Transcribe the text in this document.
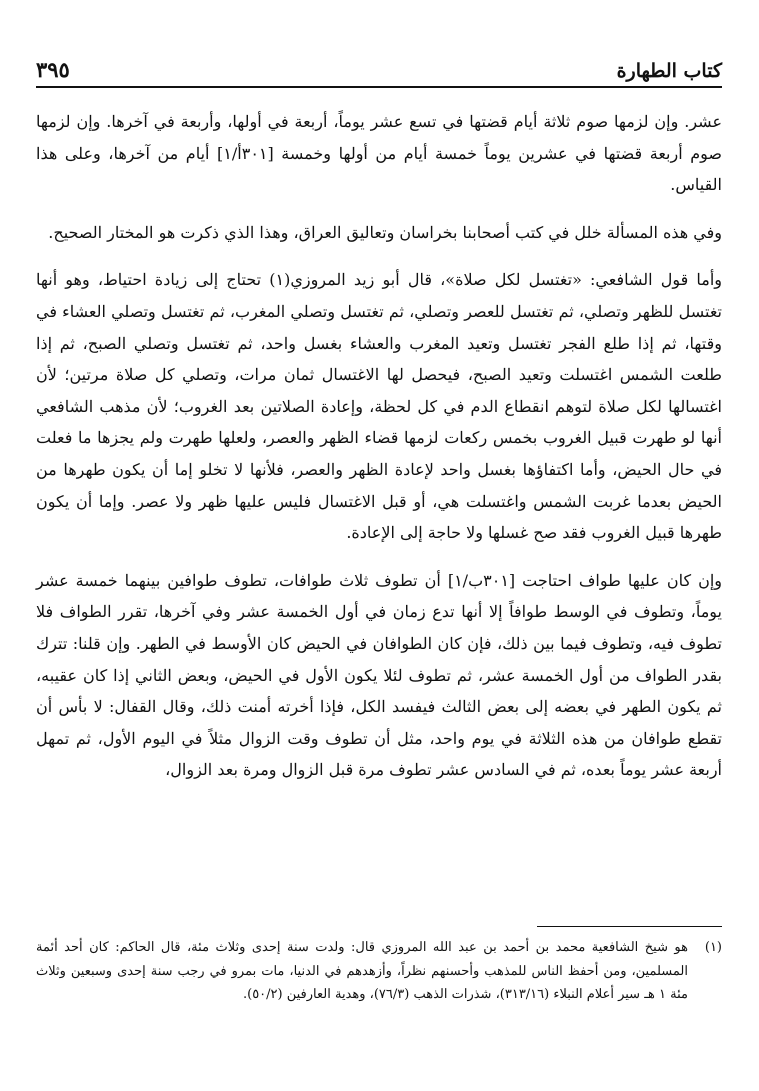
كتاب الطهارة
٣٩٥

عشر. وإن لزمها صوم ثلاثة أيام قضتها في تسع عشر يوماً، أربعة في أولها، وأربعة في آخرها. وإن لزمها صوم أربعة قضتها في عشرين يوماً خمسة أيام من أولها وخمسة [٣٠١أ/١] أيام من آخرها، وعلى هذا القياس.

وفي هذه المسألة خلل في كتب أصحابنا بخراسان وتعاليق العراق، وهذا الذي ذكرت هو المختار الصحيح.

وأما قول الشافعي: «تغتسل لكل صلاة»، قال أبو زيد المروزي(١) تحتاج إلى زيادة احتياط، وهو أنها تغتسل للظهر وتصلي، ثم تغتسل للعصر وتصلي، ثم تغتسل وتصلي المغرب، ثم تغتسل وتصلي العشاء في وقتها، ثم إذا طلع الفجر تغتسل وتعيد المغرب والعشاء بغسل واحد، ثم تغتسل وتصلي الصبح، ثم إذا طلعت الشمس اغتسلت وتعيد الصبح، فيحصل لها الاغتسال ثمان مرات، وتصلي كل صلاة مرتين؛ لأن اغتسالها لكل صلاة لتوهم انقطاع الدم في كل لحظة، وإعادة الصلاتين بعد الغروب؛ لأن مذهب الشافعي أنها لو طهرت قبيل الغروب بخمس ركعات لزمها قضاء الظهر والعصر، ولعلها طهرت ولم يجزها ما فعلت في حال الحيض، وأما اكتفاؤها بغسل واحد لإعادة الظهر والعصر، فلأنها لا تخلو إما أن يكون طهرها من الحيض بعدما غربت الشمس واغتسلت هي، أو قبل الاغتسال فليس عليها ظهر ولا عصر. وإما أن يكون طهرها قبيل الغروب فقد صح غسلها ولا حاجة إلى الإعادة.

وإن كان عليها طواف احتاجت [٣٠١ب/١] أن تطوف ثلاث طوافات، تطوف طوافين بينهما خمسة عشر يوماً، وتطوف في الوسط طوافاً إلا أنها تدع زمان في أول الخمسة عشر وفي آخرها، تقرر الطواف فلا تطوف فيه، وتطوف فيما بين ذلك، فإن كان الطوافان في الحيض كان الأوسط في الطهر. وإن قلنا: تترك بقدر الطواف من أول الخمسة عشر، ثم تطوف لئلا يكون الأول في الحيض، وبعض الثاني إذا كان عقيبه، ثم يكون الطهر في بعضه إلى بعض الثالث فيفسد الكل، فإذا أخرته أمنت ذلك، وقال القفال: لا بأس أن تقطع طوافان من هذه الثلاثة في يوم واحد، مثل أن تطوف وقت الزوال مثلاً في اليوم الأول، ثم تمهل أربعة عشر يوماً بعده، ثم في السادس عشر تطوف مرة قبل الزوال ومرة بعد الزوال،

(١)
هو شيخ الشافعية محمد بن أحمد بن عبد الله المروزي قال: ولدت سنة إحدى وثلاث مئة، قال الحاكم: كان أحد أئمة المسلمين، ومن أحفظ الناس للمذهب وأحسنهم نظراً، وأزهدهم في الدنيا، مات بمرو في رجب سنة إحدى وسبعين وثلاث مئة ١ هـ سير أعلام النبلاء (٣١٣/١٦)، شذرات الذهب (٧٦/٣)، وهدية العارفين (٥٠/٢).
